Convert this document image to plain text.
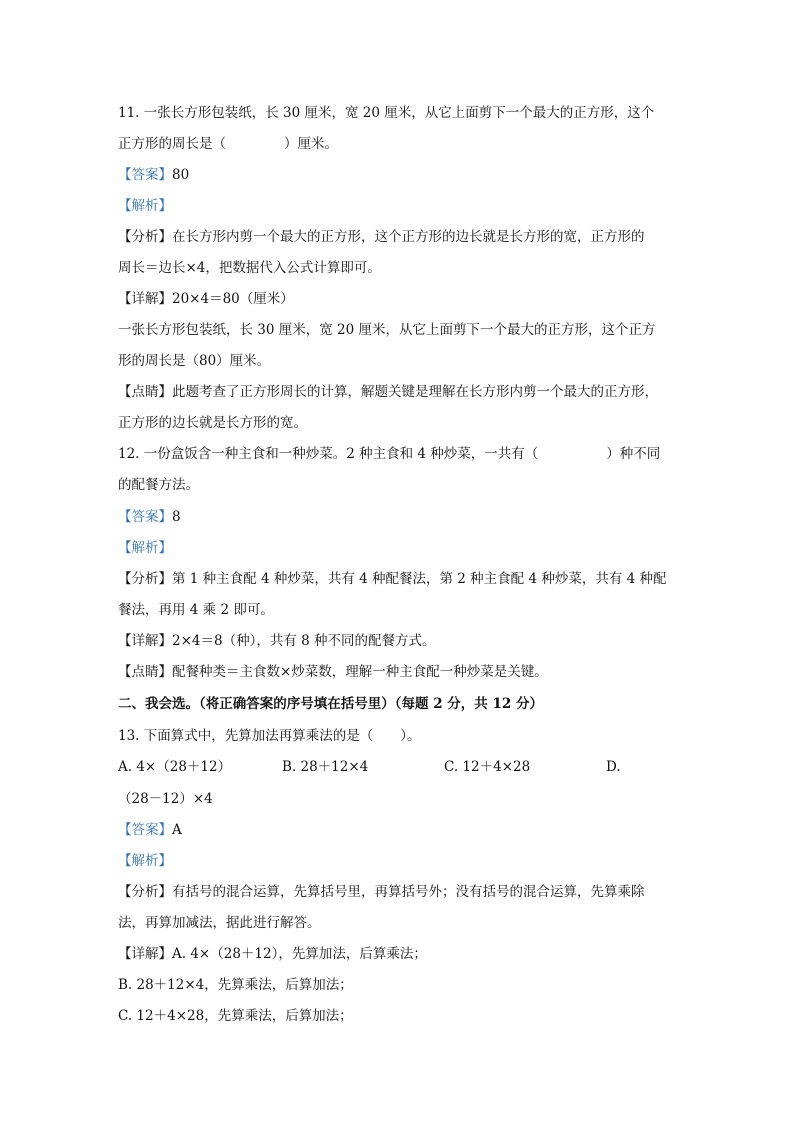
11. 一张长方形包装纸，长 30 厘米，宽 20 厘米，从它上面剪下一个最大的正方形，这个
正方形的周长是（	）厘米。
【答案】80
【解析】
【分析】在长方形内剪一个最大的正方形，这个正方形的边长就是长方形的宽，正方形的
周长＝边长×4，把数据代入公式计算即可。
【详解】20×4＝80（厘米）
一张长方形包装纸，长 30 厘米，宽 20 厘米，从它上面剪下一个最大的正方形，这个正方
形的周长是（80）厘米。
【点睛】此题考查了正方形周长的计算，解题关键是理解在长方形内剪一个最大的正方形，
正方形的边长就是长方形的宽。
12. 一份盒饭含一种主食和一种炒菜。2 种主食和 4 种炒菜，一共有（	）种不同
的配餐方法。
【答案】8
【解析】
【分析】第 1 种主食配 4 种炒菜，共有 4 种配餐法，第 2 种主食配 4 种炒菜，共有 4 种配
餐法，再用 4 乘 2 即可。
【详解】2×4＝8（种），共有 8 种不同的配餐方式。
【点睛】配餐种类＝主食数×炒菜数，理解一种主食配一种炒菜是关键。
二、我会选。（将正确答案的序号填在括号里）（每题 2 分，共 12 分）
13. 下面算式中，先算加法再算乘法的是（　　）。
A. 4×（28＋12）	B. 28＋12×4	C. 12＋4×28	D.
（28－12）×4
【答案】A
【解析】
【分析】有括号的混合运算，先算括号里，再算括号外；没有括号的混合运算，先算乘除
法，再算加减法，据此进行解答。
【详解】A. 4×（28＋12），先算加法，后算乘法；
B. 28＋12×4，先算乘法，后算加法；
C. 12＋4×28，先算乘法，后算加法；
